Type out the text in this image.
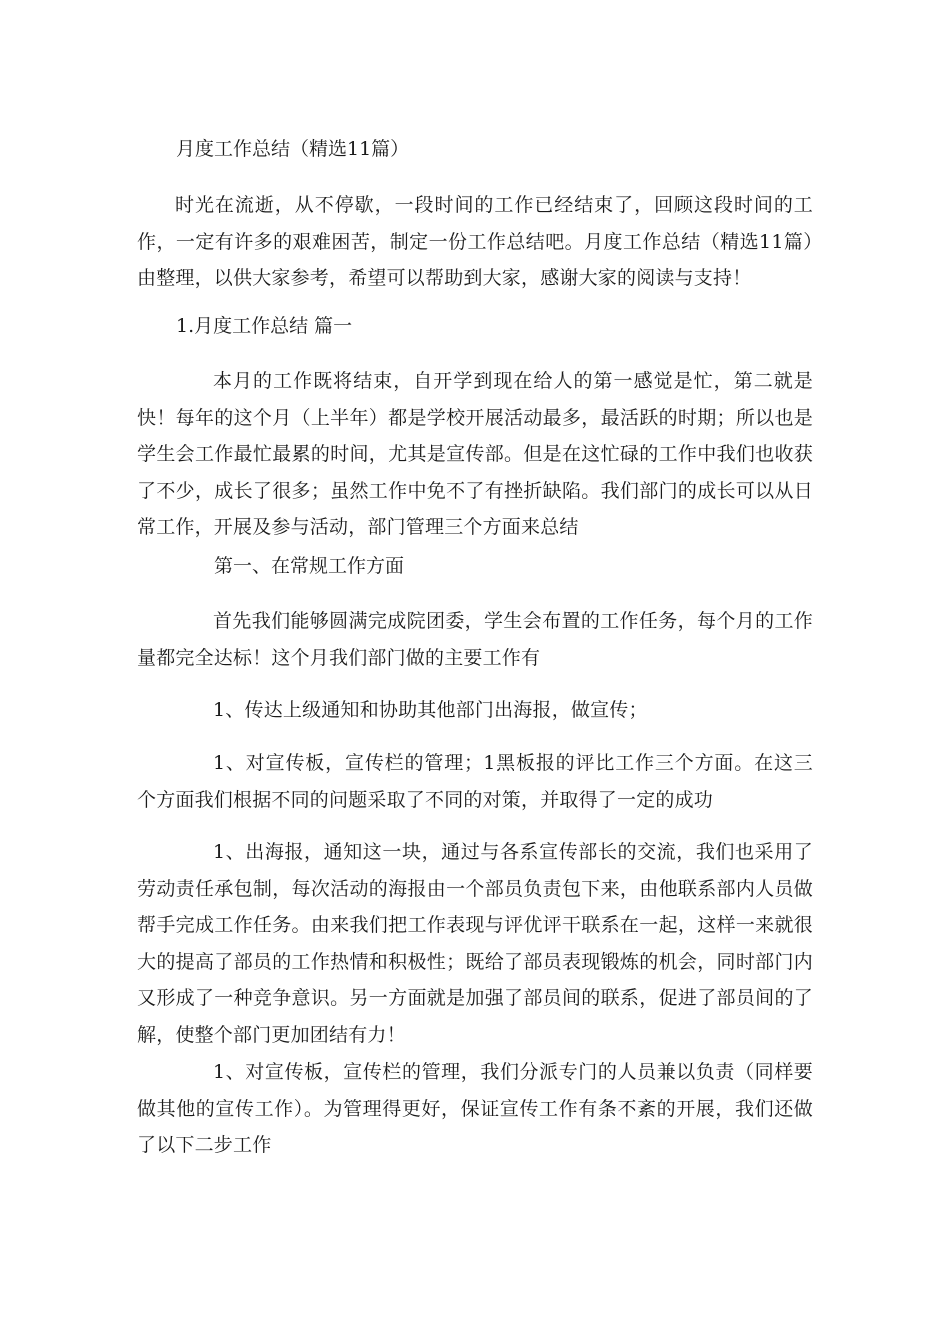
月度工作总结（精选11篇）

时光在流逝，从不停歇，一段时间的工作已经结束了，回顾这段时间的工作，一定有许多的艰难困苦，制定一份工作总结吧。月度工作总结（精选11篇）由整理，以供大家参考，希望可以帮助到大家，感谢大家的阅读与支持！

1.月度工作总结 篇一

本月的工作既将结束，自开学到现在给人的第一感觉是忙，第二就是快！每年的这个月（上半年）都是学校开展活动最多，最活跃的时期；所以也是学生会工作最忙最累的时间，尤其是宣传部。但是在这忙碌的工作中我们也收获了不少，成长了很多；虽然工作中免不了有挫折缺陷。我们部门的成长可以从日常工作，开展及参与活动，部门管理三个方面来总结

第一、在常规工作方面

首先我们能够圆满完成院团委，学生会布置的工作任务，每个月的工作量都完全达标！这个月我们部门做的主要工作有

1、传达上级通知和协助其他部门出海报，做宣传；

1、对宣传板，宣传栏的管理；1黑板报的评比工作三个方面。在这三个方面我们根据不同的问题采取了不同的对策，并取得了一定的成功

1、出海报，通知这一块，通过与各系宣传部长的交流，我们也采用了劳动责任承包制，每次活动的海报由一个部员负责包下来，由他联系部内人员做帮手完成工作任务。由来我们把工作表现与评优评干联系在一起，这样一来就很大的提高了部员的工作热情和积极性；既给了部员表现锻炼的机会，同时部门内又形成了一种竞争意识。另一方面就是加强了部员间的联系，促进了部员间的了解，使整个部门更加团结有力！

1、对宣传板，宣传栏的管理，我们分派专门的人员兼以负责（同样要做其他的宣传工作）。为管理得更好，保证宣传工作有条不紊的开展，我们还做了以下二步工作
